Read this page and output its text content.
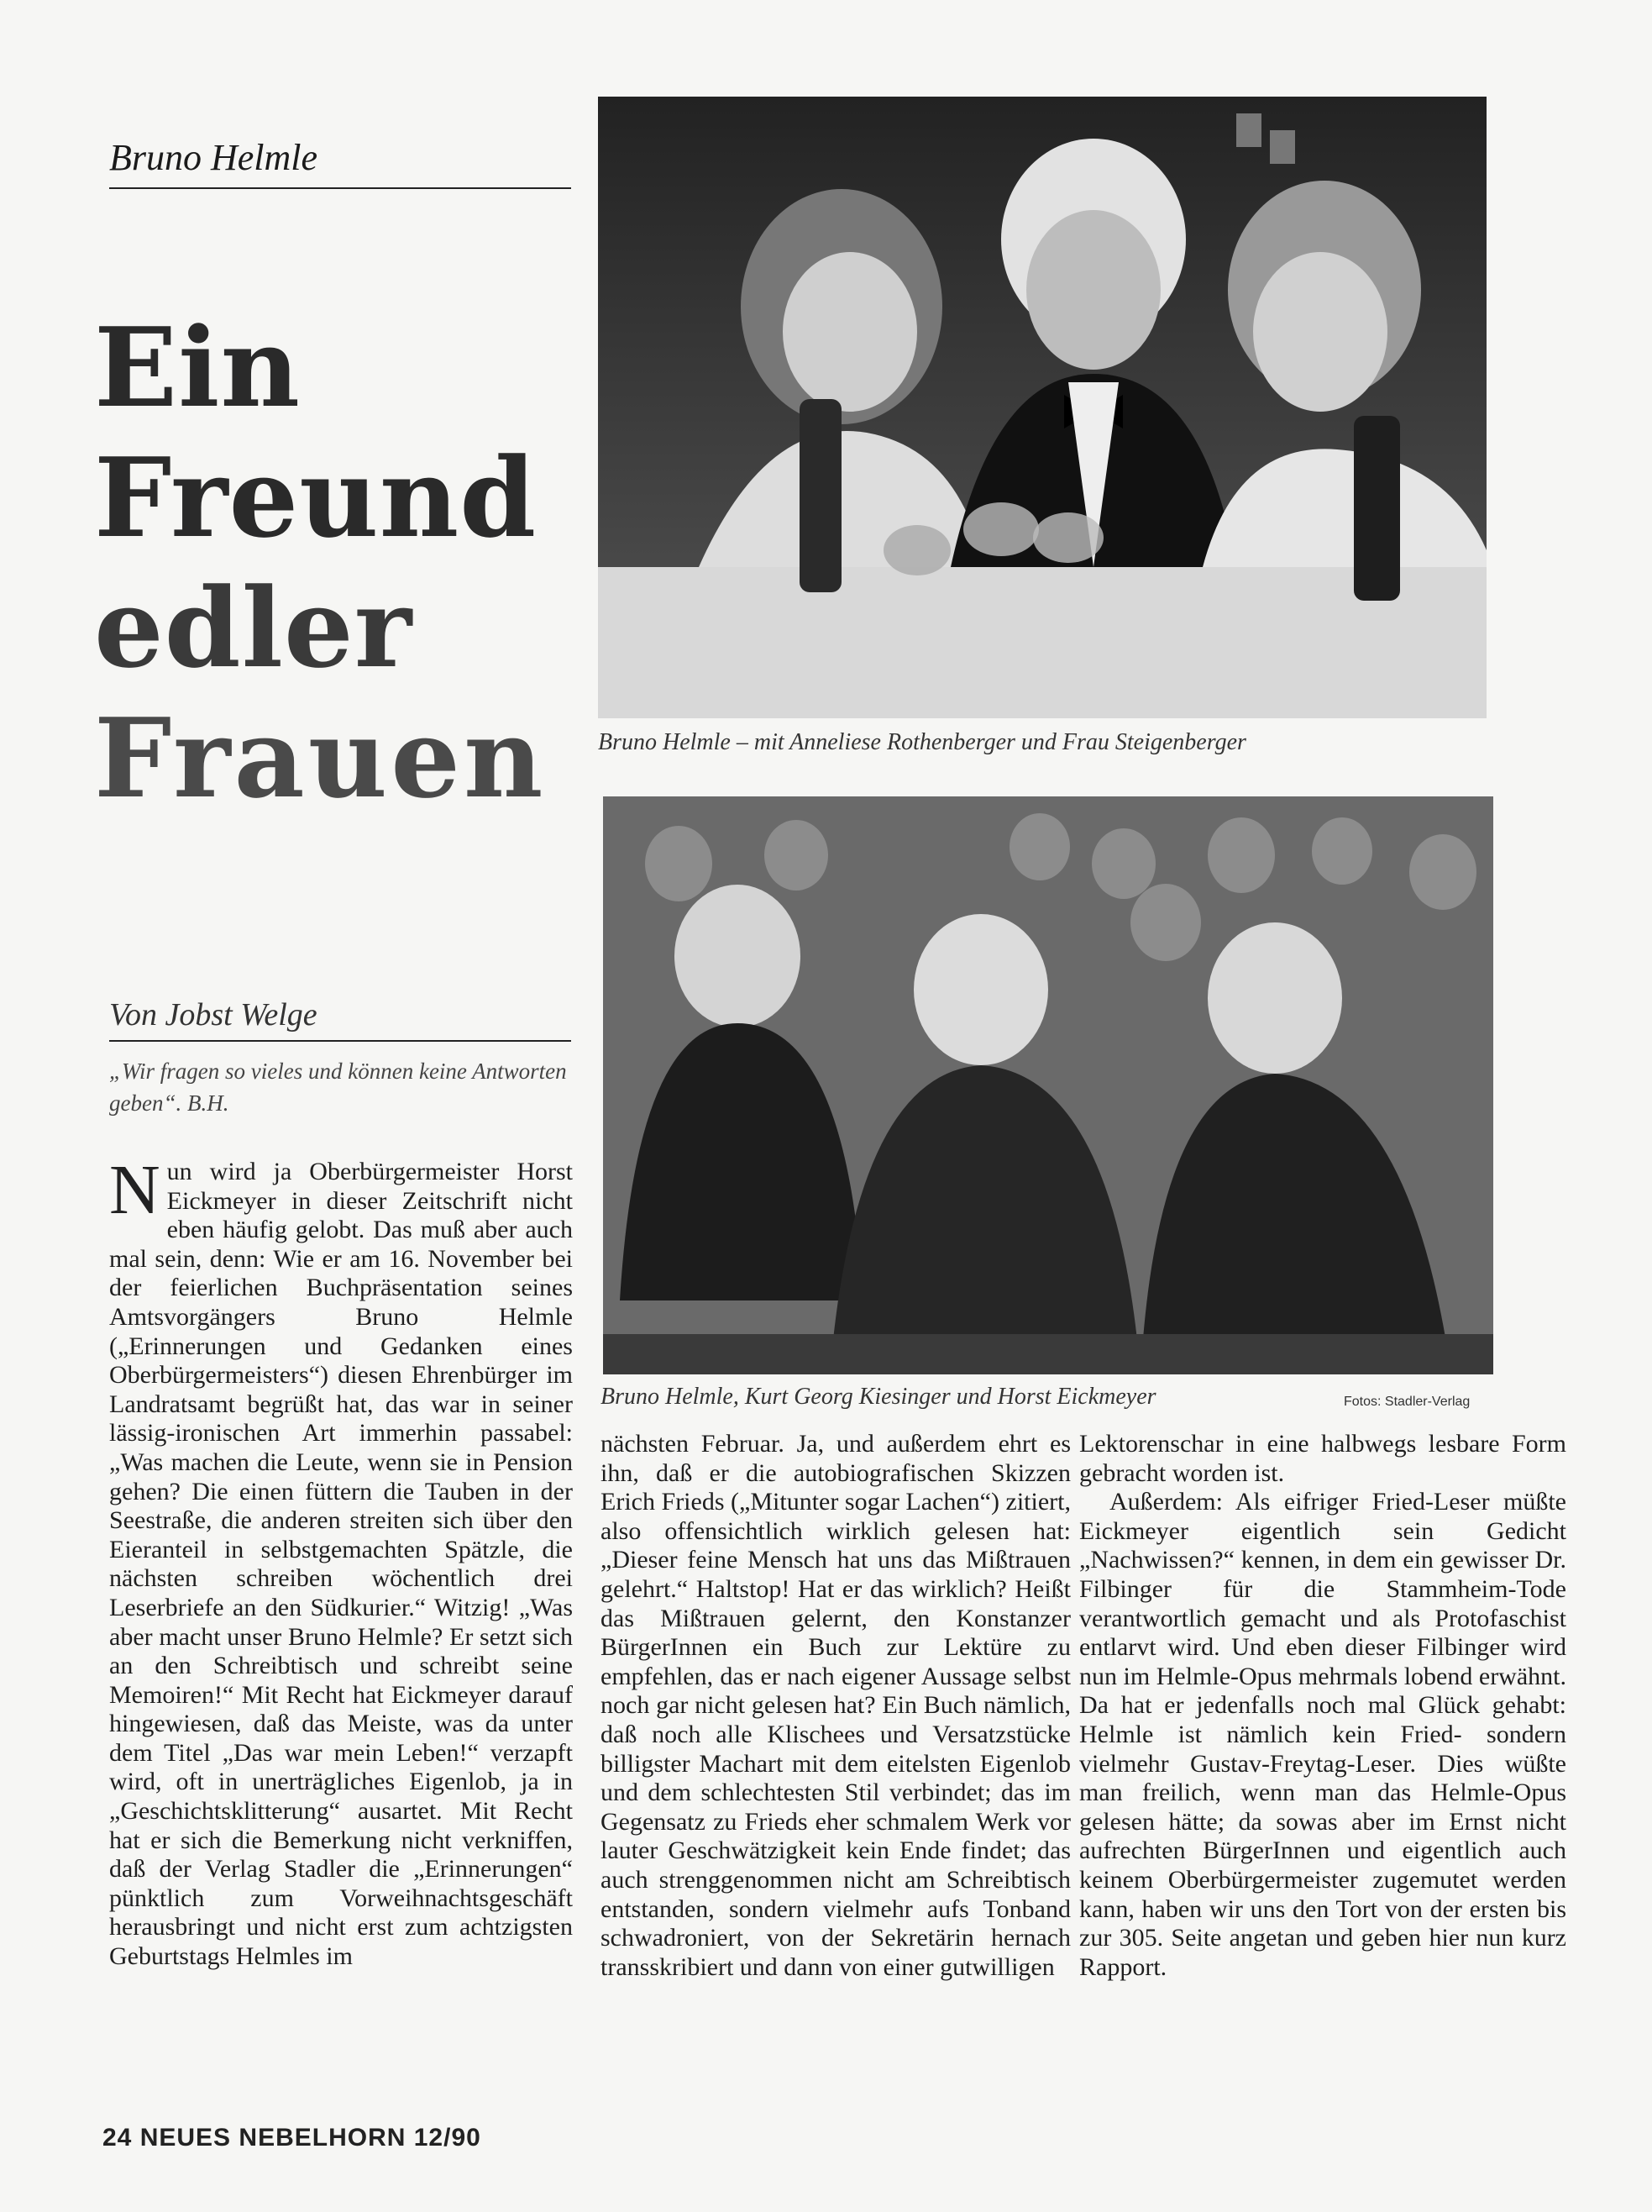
Bruno Helmle
Ein
Freund
edler
Frauen
Von Jobst Welge
„Wir fragen so vieles und können keine Antworten geben“. B.H.

Nun wird ja Oberbürgermeister Horst Eickmeyer in dieser Zeitschrift nicht eben häufig gelobt. Das muß aber auch mal sein, denn: Wie er am 16. November bei der feierlichen Buchpräsentation seines Amtsvorgängers Bruno Helmle („Erinnerungen und Gedanken eines Oberbürgermeisters“) diesen Ehrenbürger im Landratsamt begrüßt hat, das war in seiner lässig-ironischen Art immerhin passabel: „Was machen die Leute, wenn sie in Pension gehen? Die einen füttern die Tauben in der Seestraße, die anderen streiten sich über den Eieranteil in selbstgemachten Spätzle, die nächsten schreiben wöchentlich drei Leserbriefe an den Südkurier.“ Witzig! „Was aber macht unser Bruno Helmle? Er setzt sich an den Schreibtisch und schreibt seine Memoiren!“ Mit Recht hat Eickmeyer darauf hingewiesen, daß das Meiste, was da unter dem Titel „Das war mein Leben!“ verzapft wird, oft in unerträgliches Eigenlob, ja in „Geschichtsklitterung“ ausartet. Mit Recht hat er sich die Bemerkung nicht verkniffen, daß der Verlag Stadler die „Erinnerungen“ pünktlich zum Vorweihnachtsgeschäft herausbringt und nicht erst zum achtzigsten Geburtstags Helmles im

Bruno Helmle – mit Anneliese Rothenberger und Frau Steigenberger
Bruno Helmle, Kurt Georg Kiesinger und Horst Eickmeyer	Fotos: Stadler-Verlag

nächsten Februar. Ja, und außerdem ehrt es ihn, daß er die autobiografischen Skizzen Erich Frieds („Mitunter sogar Lachen“) zitiert, also offensichtlich wirklich gelesen hat: „Dieser feine Mensch hat uns das Mißtrauen gelehrt.“ Haltstop! Hat er das wirklich? Heißt das Mißtrauen gelernt, den Konstanzer BürgerInnen ein Buch zur Lektüre zu empfehlen, das er nach eigener Aussage selbst noch gar nicht gelesen hat? Ein Buch nämlich, daß noch alle Klischees und Versatzstücke billigster Machart mit dem eitelsten Eigenlob und dem schlechtesten Stil verbindet; das im Gegensatz zu Frieds eher schmalem Werk vor lauter Geschwätzigkeit kein Ende findet; das auch strenggenommen nicht am Schreibtisch entstanden, sondern vielmehr aufs Tonband schwadroniert, von der Sekretärin hernach transskribiert und dann von einer gutwilligen

Lektorenschar in eine halbwegs lesbare Form gebracht worden ist.

Außerdem: Als eifriger Fried-Leser müßte Eickmeyer eigentlich sein Gedicht „Nachwissen?“ kennen, in dem ein gewisser Dr. Filbinger für die Stammheim-Tode verantwortlich gemacht und als Protofaschist entlarvt wird. Und eben dieser Filbinger wird nun im Helmle-Opus mehrmals lobend erwähnt. Da hat er jedenfalls noch mal Glück gehabt: Helmle ist nämlich kein Fried- sondern vielmehr Gustav-Freytag-Leser. Dies wüßte man freilich, wenn man das Helmle-Opus gelesen hätte; da sowas aber im Ernst nicht aufrechten BürgerInnen und eigentlich auch keinem Oberbürgermeister zugemutet werden kann, haben wir uns den Tort von der ersten bis zur 305. Seite angetan und geben hier nun kurz Rapport.

24 NEUES NEBELHORN 12/90
